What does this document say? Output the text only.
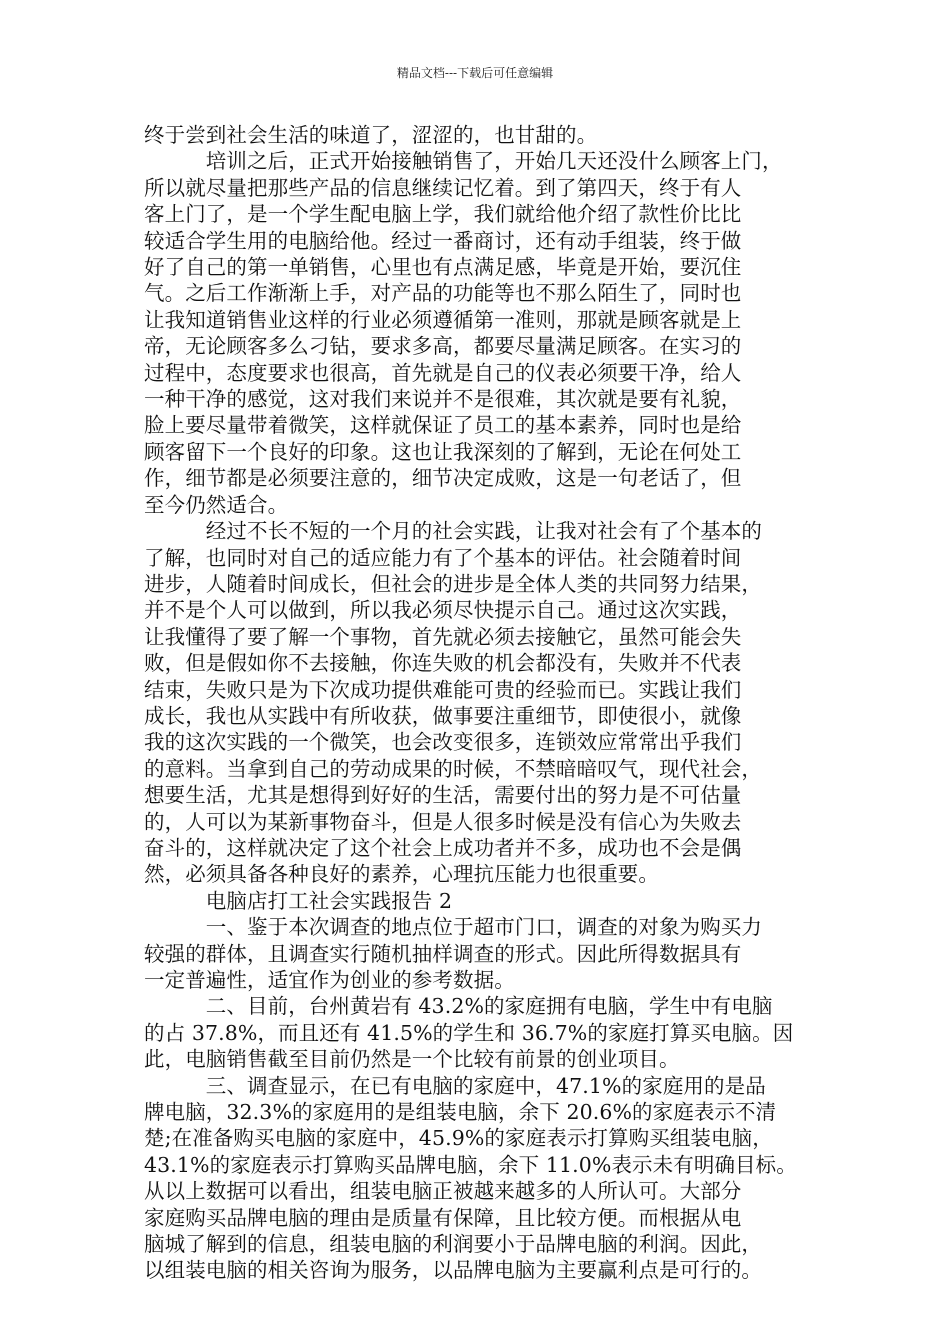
精品文档---下载后可任意编辑
终于尝到社会生活的味道了，涩涩的，也甘甜的。
　　　培训之后，正式开始接触销售了，开始几天还没什么顾客上门，
所以就尽量把那些产品的信息继续记忆着。到了第四天，终于有人
客上门了，是一个学生配电脑上学，我们就给他介绍了款性价比比
较适合学生用的电脑给他。经过一番商讨，还有动手组装，终于做
好了自己的第一单销售，心里也有点满足感，毕竟是开始，要沉住
气。之后工作渐渐上手，对产品的功能等也不那么陌生了，同时也
让我知道销售业这样的行业必须遵循第一准则，那就是顾客就是上
帝，无论顾客多么刁钻，要求多高，都要尽量满足顾客。在实习的
过程中，态度要求也很高，首先就是自己的仪表必须要干净，给人
一种干净的感觉，这对我们来说并不是很难，其次就是要有礼貌，
脸上要尽量带着微笑，这样就保证了员工的基本素养，同时也是给
顾客留下一个良好的印象。这也让我深刻的了解到，无论在何处工
作，细节都是必须要注意的，细节决定成败，这是一句老话了，但
至今仍然适合。
　　　经过不长不短的一个月的社会实践，让我对社会有了个基本的
了解，也同时对自己的适应能力有了个基本的评估。社会随着时间
进步，人随着时间成长，但社会的进步是全体人类的共同努力结果，
并不是个人可以做到，所以我必须尽快提示自己。通过这次实践，
让我懂得了要了解一个事物，首先就必须去接触它，虽然可能会失
败，但是假如你不去接触，你连失败的机会都没有，失败并不代表
结束，失败只是为下次成功提供难能可贵的经验而已。实践让我们
成长，我也从实践中有所收获，做事要注重细节，即使很小，就像
我的这次实践的一个微笑，也会改变很多，连锁效应常常出乎我们
的意料。当拿到自己的劳动成果的时候，不禁暗暗叹气，现代社会，
想要生活，尤其是想得到好好的生活，需要付出的努力是不可估量
的，人可以为某新事物奋斗，但是人很多时候是没有信心为失败去
奋斗的，这样就决定了这个社会上成功者并不多，成功也不会是偶
然，必须具备各种良好的素养，心理抗压能力也很重要。
　　　电脑店打工社会实践报告 2
　　　一、鉴于本次调查的地点位于超市门口，调查的对象为购买力
较强的群体，且调查实行随机抽样调查的形式。因此所得数据具有
一定普遍性，适宜作为创业的参考数据。
　　　二、目前，台州黄岩有 43.2%的家庭拥有电脑，学生中有电脑
的占 37.8%，而且还有 41.5%的学生和 36.7%的家庭打算买电脑。因
此，电脑销售截至目前仍然是一个比较有前景的创业项目。
　　　三、调查显示，在已有电脑的家庭中，47.1%的家庭用的是品
牌电脑，32.3%的家庭用的是组装电脑，余下 20.6%的家庭表示不清
楚;在准备购买电脑的家庭中，45.9%的家庭表示打算购买组装电脑，
43.1%的家庭表示打算购买品牌电脑，余下 11.0%表示未有明确目标。
从以上数据可以看出，组装电脑正被越来越多的人所认可。大部分
家庭购买品牌电脑的理由是质量有保障，且比较方便。而根据从电
脑城了解到的信息，组装电脑的利润要小于品牌电脑的利润。因此，
以组装电脑的相关咨询为服务，以品牌电脑为主要赢利点是可行的。
